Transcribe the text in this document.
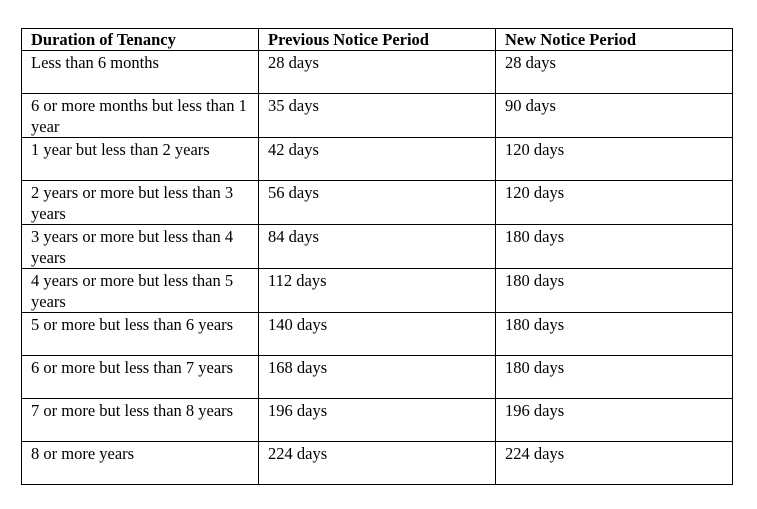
Duration of Tenancy	Previous Notice Period	New Notice Period
Less than 6 months	28 days	28 days
6 or more months but less than 1 year	35 days	90 days
1 year but less than 2 years	42 days	120 days
2 years or more but less than 3 years	56 days	120 days
3 years or more but less than 4 years	84 days	180 days
4 years or more but less than 5 years	112 days	180 days
5 or more but less than 6 years	140 days	180 days
6 or more but less than 7 years	168 days	180 days
7 or more but less than 8 years	196 days	196 days
8 or more years	224 days	224 days
